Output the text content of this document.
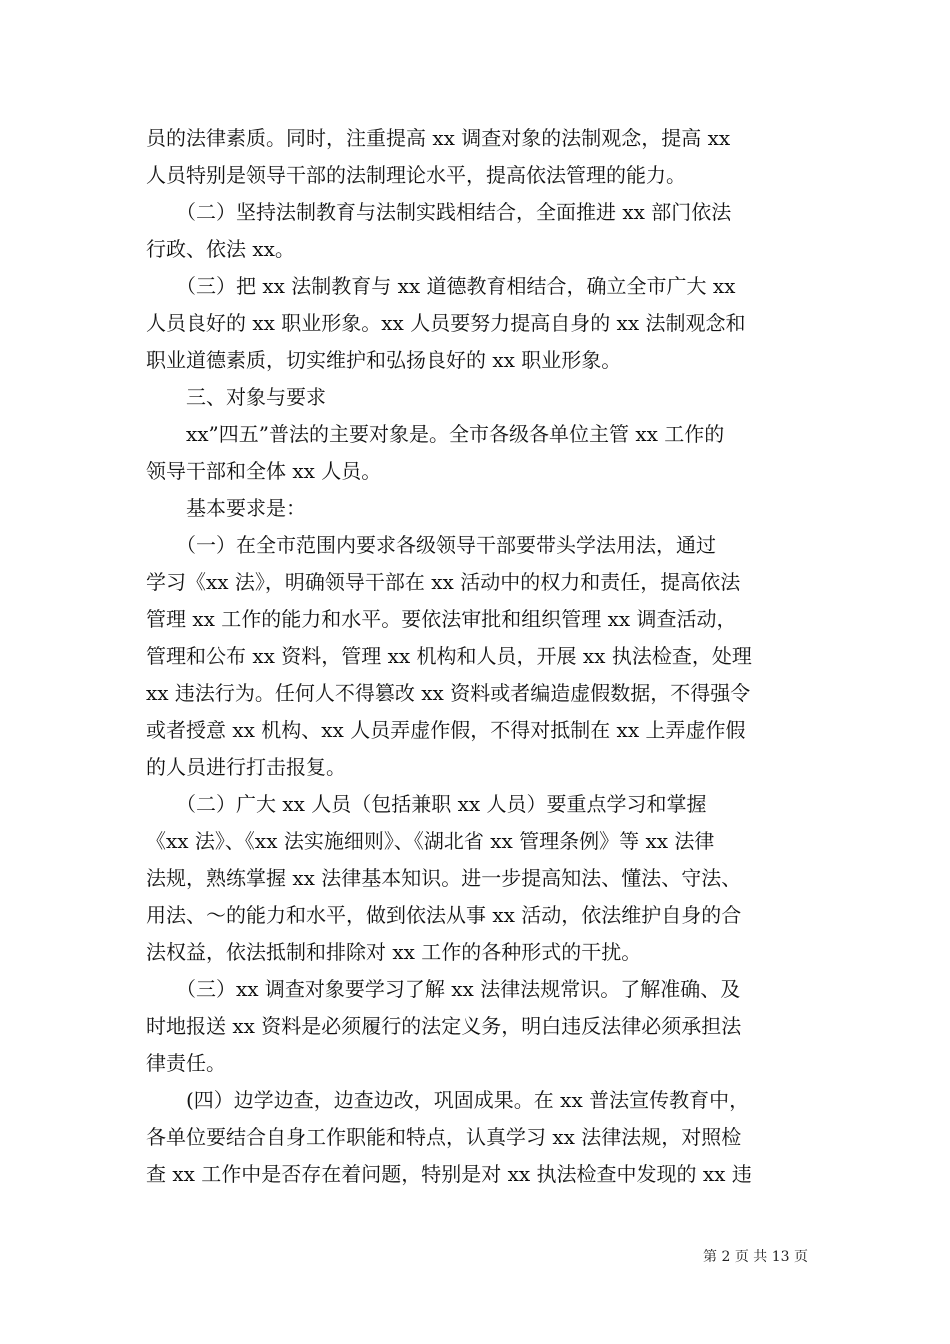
员的法律素质。同时，注重提高 xx 调查对象的法制观念，提高 xx
人员特别是领导干部的法制理论水平，提高依法管理的能力。
　　（二）坚持法制教育与法制实践相结合，全面推进 xx 部门依法
行政、依法 xx。
　　（三）把 xx 法制教育与 xx 道德教育相结合，确立全市广大 xx
人员良好的 xx 职业形象。xx 人员要努力提高自身的 xx 法制观念和
职业道德素质，切实维护和弘扬良好的 xx 职业形象。
　　三、对象与要求
　　xx”四五”普法的主要对象是。全市各级各单位主管 xx 工作的
领导干部和全体 xx 人员。
　　基本要求是：
　　（一）在全市范围内要求各级领导干部要带头学法用法，通过
学习《xx 法》，明确领导干部在 xx 活动中的权力和责任，提高依法
管理 xx 工作的能力和水平。要依法审批和组织管理 xx 调查活动，
管理和公布 xx 资料，管理 xx 机构和人员，开展 xx 执法检查，处理
xx 违法行为。任何人不得篡改 xx 资料或者编造虚假数据，不得强令
或者授意 xx 机构、xx 人员弄虚作假，不得对抵制在 xx 上弄虚作假
的人员进行打击报复。
　　（二）广大 xx 人员（包括兼职 xx 人员）要重点学习和掌握
《xx 法》、《xx 法实施细则》、《湖北省 xx 管理条例》等 xx 法律
法规，熟练掌握 xx 法律基本知识。进一步提高知法、懂法、守法、
用法、～的能力和水平，做到依法从事 xx 活动，依法维护自身的合
法权益，依法抵制和排除对 xx 工作的各种形式的干扰。
　　（三）xx 调查对象要学习了解 xx 法律法规常识。了解准确、及
时地报送 xx 资料是必须履行的法定义务，明白违反法律必须承担法
律责任。
　　(四）边学边查，边查边改，巩固成果。在 xx 普法宣传教育中，
各单位要结合自身工作职能和特点，认真学习 xx 法律法规，对照检
查 xx 工作中是否存在着问题，特别是对 xx 执法检查中发现的 xx 违
第 2 页 共 13 页
